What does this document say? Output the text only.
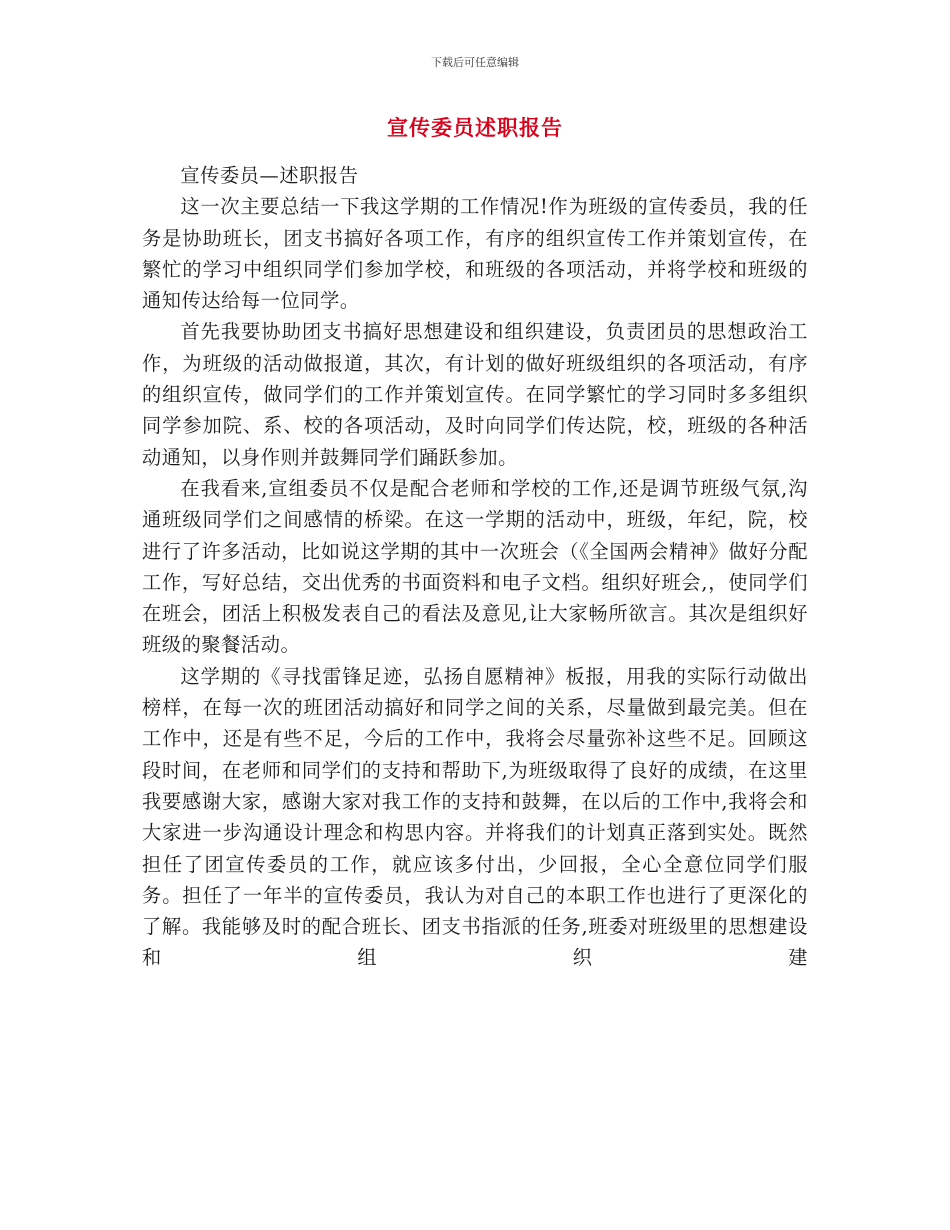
下载后可任意编辑
宣传委员述职报告

宣传委员—述职报告

这一次主要总结一下我这学期的工作情况!作为班级的宣传委员，我的任务是协助班长，团支书搞好各项工作，有序的组织宣传工作并策划宣传，在繁忙的学习中组织同学们参加学校，和班级的各项活动，并将学校和班级的通知传达给每一位同学。

首先我要协助团支书搞好思想建设和组织建设，负责团员的思想政治工作，为班级的活动做报道，其次，有计划的做好班级组织的各项活动，有序的组织宣传，做同学们的工作并策划宣传。在同学繁忙的学习同时多多组织同学参加院、系、校的各项活动，及时向同学们传达院，校，班级的各种活动通知，以身作则并鼓舞同学们踊跃参加。

在我看来,宣组委员不仅是配合老师和学校的工作,还是调节班级气氛,沟通班级同学们之间感情的桥梁。在这一学期的活动中，班级，年纪，院，校进行了许多活动，比如说这学期的其中一次班会（《全国两会精神》做好分配工作，写好总结，交出优秀的书面资料和电子文档。组织好班会,，使同学们在班会，团活上积极发表自己的看法及意见,让大家畅所欲言。其次是组织好班级的聚餐活动。

这学期的《寻找雷锋足迹，弘扬自愿精神》板报，用我的实际行动做出榜样，在每一次的班团活动搞好和同学之间的关系，尽量做到最完美。但在工作中，还是有些不足，今后的工作中，我将会尽量弥补这些不足。回顾这段时间，在老师和同学们的支持和帮助下,为班级取得了良好的成绩，在这里我要感谢大家，感谢大家对我工作的支持和鼓舞，在以后的工作中,我将会和大家进一步沟通设计理念和构思内容。并将我们的计划真正落到实处。既然担任了团宣传委员的工作，就应该多付出，少回报，全心全意位同学们服务。担任了一年半的宣传委员，我认为对自己的本职工作也进行了更深化的了解。我能够及时的配合班长、团支书指派的任务,班委对班级里的思想建设和组织建
